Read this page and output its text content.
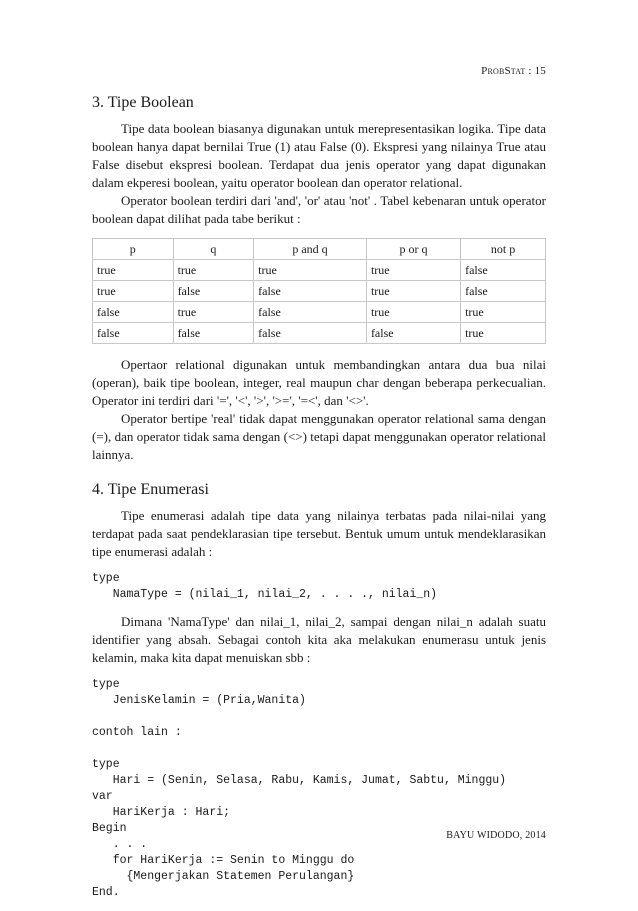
ProbStat : 15
3. Tipe Boolean

Tipe data boolean biasanya digunakan untuk merepresentasikan logika. Tipe data boolean hanya dapat bernilai True (1) atau False (0). Ekspresi yang nilainya True atau False disebut ekspresi boolean. Terdapat dua jenis operator yang dapat digunakan dalam ekperesi boolean, yaitu operator boolean dan operator relational.

Operator boolean terdiri dari 'and', 'or' atau 'not' . Tabel kebenaran untuk operator boolean dapat dilihat pada tabe berikut :

p	q	p and q	p or q	not p
true	true	true	true	false
true	false	false	true	false
false	true	false	true	true
false	false	false	false	true

Opertaor relational digunakan untuk membandingkan antara dua bua nilai (operan), baik tipe boolean, integer, real maupun char dengan beberapa perkecualian. Operator ini terdiri dari '=', '<', '>', '>=', '=<', dan '<>'.

Operator bertipe 'real' tidak dapat menggunakan operator relational sama dengan (=), dan operator tidak sama dengan (<>) tetapi dapat menggunakan operator relational lainnya.

4. Tipe Enumerasi

Tipe enumerasi adalah tipe data yang nilainya terbatas pada nilai-nilai yang terdapat pada saat pendeklarasian tipe tersebut. Bentuk umum untuk mendeklarasikan tipe enumerasi adalah :

type
NamaType = (nilai_1, nilai_2, . . . ., nilai_n)

Dimana 'NamaType' dan nilai_1, nilai_2, sampai dengan nilai_n adalah suatu identifier yang absah. Sebagai contoh kita aka melakukan enumerasu untuk jenis kelamin, maka kita dapat menuiskan sbb :

type
JenisKelamin = (Pria,Wanita)

contoh lain :

type
Hari = (Senin, Selasa, Rabu, Kamis, Jumat, Sabtu, Minggu)
var
HariKerja : Hari;
Begin
. . .
for HariKerja := Senin to Minggu do
{Mengerjakan Statemen Perulangan}
End.
BAYU WIDODO, 2014
